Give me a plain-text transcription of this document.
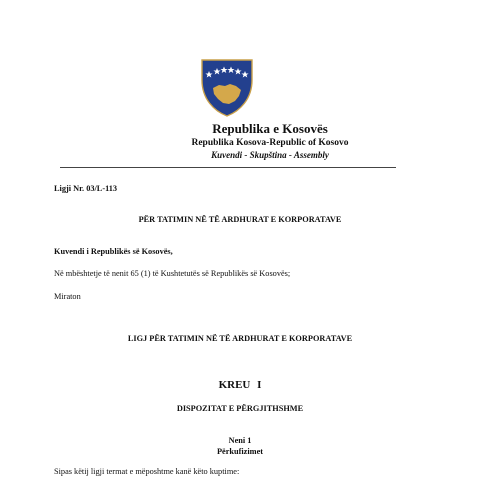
Republika e Kosovës
Republika Kosova-Republic of Kosovo
Kuvendi - Skupština - Assembly
Ligji Nr. 03/L-113
PËR TATIMIN NË TË ARDHURAT E KORPORATAVE
Kuvendi i Republikës së Kosovës,
Në mbështetje të nenit 65 (1) të Kushtetutës së Republikës së Kosovës;
Miraton
LIGJ PËR TATIMIN NË TË ARDHURAT E KORPORATAVE
KREU I
DISPOZITAT E PËRGJITHSHME
Neni 1
Përkufizimet
Sipas këtij ligji termat e mëposhtme kanë këto kuptime:
